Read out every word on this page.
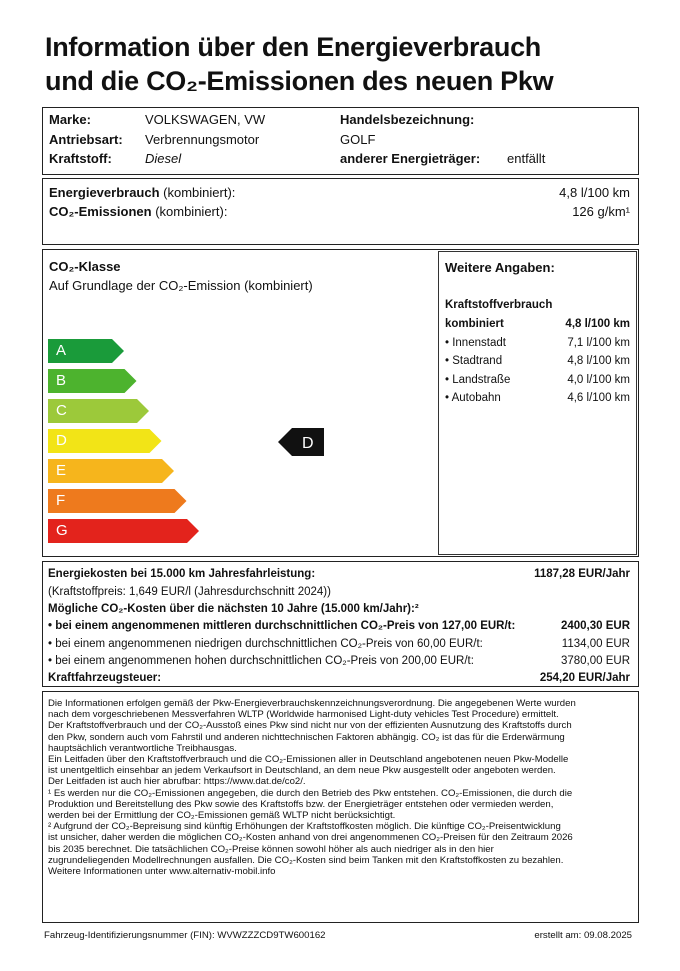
Information über den Energieverbrauch
und die CO₂-Emissionen des neuen Pkw
Marke:	VOLKSWAGEN, VW
Antriebsart: Verbrennungsmotor
Kraftstoff:	Diesel
Handelsbezeichnung:
GOLF
anderer Energieträger: entfällt
Energieverbrauch (kombiniert):	4,8 l/100 km
CO₂-Emissionen (kombiniert):	126 g/km¹
CO₂-Klasse
Auf Grundlage der CO₂-Emission (kombiniert)
A
B
C
D
E
F
G
D
Weitere Angaben:
Kraftstoffverbrauch
kombiniert	4,8 l/100 km
• Innenstadt	7,1 l/100 km
• Stadtrand	4,8 l/100 km
• Landstraße	4,0 l/100 km
• Autobahn	4,6 l/100 km
Energiekosten bei 15.000 km Jahresfahrleistung:	1187,28 EUR/Jahr
(Kraftstoffpreis: 1,649 EUR/l (Jahresdurchschnitt 2024))
Mögliche CO₂-Kosten über die nächsten 10 Jahre (15.000 km/Jahr):²
• bei einem angenommenen mittleren durchschnittlichen CO₂-Preis von 127,00 EUR/t:	2400,30 EUR
• bei einem angenommenen niedrigen durchschnittlichen CO₂-Preis von 60,00 EUR/t:	1134,00 EUR
• bei einem angenommenen hohen durchschnittlichen CO₂-Preis von 200,00 EUR/t:	3780,00 EUR
Kraftfahrzeugsteuer:	254,20 EUR/Jahr

Die Informationen erfolgen gemäß der Pkw-Energieverbrauchskennzeichnungsverordnung. Die angegebenen Werte wurden

nach dem vorgeschriebenen Messverfahren WLTP (Worldwide harmonised Light-duty vehicles Test Procedure) ermittelt.

Der Kraftstoffverbrauch und der CO₂-Ausstoß eines Pkw sind nicht nur von der effizienten Ausnutzung des Kraftstoffs durch

den Pkw, sondern auch vom Fahrstil und anderen nichttechnischen Faktoren abhängig. CO₂ ist das für die Erderwärmung

hauptsächlich verantwortliche Treibhausgas.

Ein Leitfaden über den Kraftstoffverbrauch und die CO₂-Emissionen aller in Deutschland angebotenen neuen Pkw-Modelle

ist unentgeltlich einsehbar an jedem Verkaufsort in Deutschland, an dem neue Pkw ausgestellt oder angeboten werden.

Der Leitfaden ist auch hier abrufbar: https://www.dat.de/co2/.

¹ Es werden nur die CO₂-Emissionen angegeben, die durch den Betrieb des Pkw entstehen. CO₂-Emissionen, die durch die

Produktion und Bereitstellung des Pkw sowie des Kraftstoffs bzw. der Energieträger entstehen oder vermieden werden,

werden bei der Ermittlung der CO₂-Emissionen gemäß WLTP nicht berücksichtigt.

² Aufgrund der CO₂-Bepreisung sind künftig Erhöhungen der Kraftstoffkosten möglich. Die künftige CO₂-Preisentwicklung

ist unsicher, daher werden die möglichen CO₂-Kosten anhand von drei angenommenen CO₂-Preisen für den Zeitraum 2026

bis 2035 berechnet. Die tatsächlichen CO₂-Preise können sowohl höher als auch niedriger als in den hier

zugrundeliegenden Modellrechnungen ausfallen. Die CO₂-Kosten sind beim Tanken mit den Kraftstoffkosten zu bezahlen.

Weitere Informationen unter www.alternativ-mobil.info

Fahrzeug-Identifizierungsnummer (FIN): WVWZZZCD9TW600162	erstellt am: 09.08.2025
